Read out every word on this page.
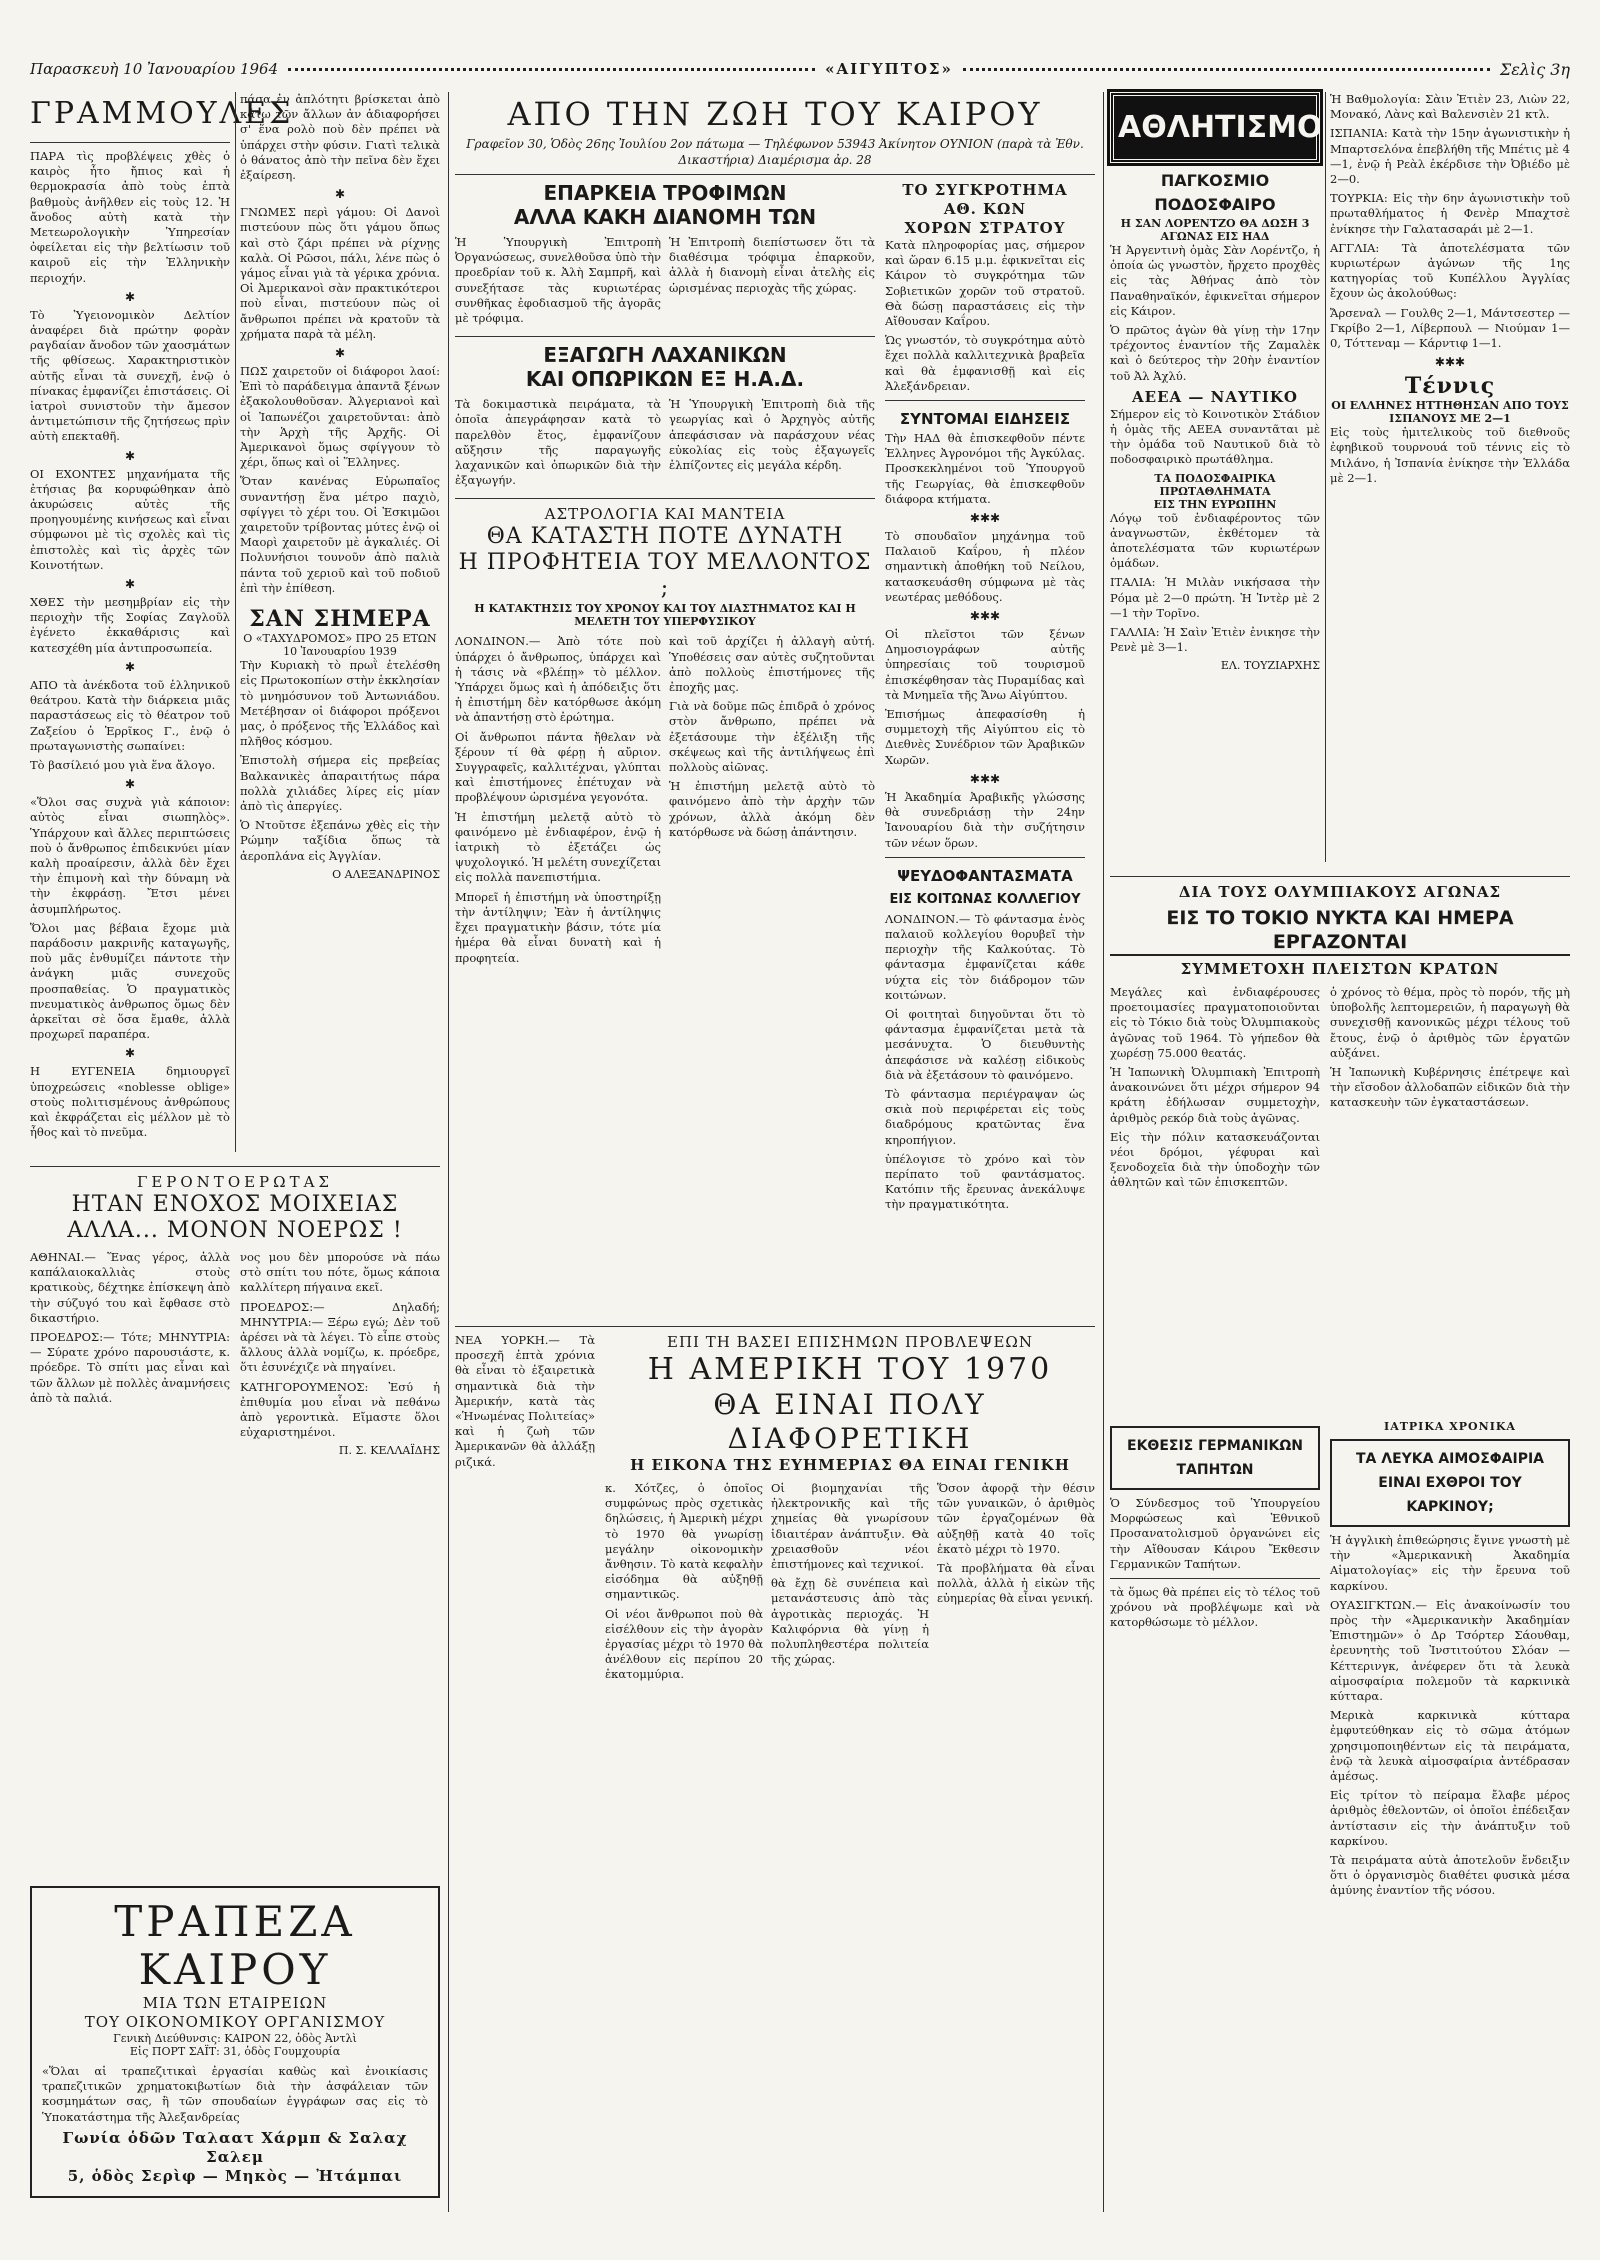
Παρασκευὴ 10 Ἰανουαρίου 1964	«ΑΙΓΥΠΤΟΣ»	Σελὶς 3η
ΓΡΑΜΜΟΥΛΕΣ

ΠΑΡΑ τὶς προβλέψεις χθὲς ὁ καιρὸς ἦτο ἤπιος καὶ ἡ θερμοκρασία ἀπὸ τοὺς ἑπτὰ βαθμοὺς ἀνῆλθεν εἰς τοὺς 12. Ἡ ἄνοδος αὐτὴ κατὰ τὴν Μετεωρολογικὴν Ὑπηρεσίαν ὀφείλεται εἰς τὴν βελτίωσιν τοῦ καιροῦ εἰς τὴν Ἑλληνικὴν περιοχήν.

✱

Τὸ Ὑγειονομικὸν Δελτίον ἀναφέρει διὰ πρώτην φορὰν ραγδαίαν ἄνοδον τῶν χαοσμάτων τῆς φθίσεως. Χαρακτηριστικὸν αὐτῆς εἶναι τὰ συνεχῆ, ἐνῷ ὁ πίνακας ἐμφανίζει ἐπιστάσεις. Οἱ ἰατροὶ συνιστοῦν τὴν ἄμεσον ἀντιμετώπισιν τῆς ζητήσεως πρὶν αὐτὴ επεκταθῆ.

✱

ΟΙ ΕΧΟΝΤΕΣ μηχανήματα τῆς ἐτήσιας βα κορυφώθηκαν ἀπὸ ἀκυρώσεις αὐτὲς τῆς προηγουμένης κινήσεως καὶ εἶναι σύμφωνοι μὲ τὶς σχολὲς καὶ τὶς ἐπιστολὲς καὶ τὶς ἀρχὲς τῶν Κοινοτήτων.

✱

ΧΘΕΣ τὴν μεσημβρίαν εἰς τὴν περιοχὴν τῆς Σοφίας Ζαγλοῦλ ἐγένετο ἐκκαθάρισις καὶ κατεσχέθη μία ἀντιπροσωπεία.

✱

ΑΠΟ τὰ ἀνέκδοτα τοῦ ἑλληνικοῦ θεάτρου. Κατὰ τὴν διάρκεια μιᾶς παραστάσεως εἰς τὸ θέατρον τοῦ Ζαξείου ὁ Ἑρρῖκος Γ., ἑνῷ ὁ πρωταγωνιστὴς σωπαίνει:

Τὸ βασίλειό μου γιὰ ἕνα ἄλογο.

✱

«Ὅλοι σας συχνὰ γιὰ κάποιον: αὐτὸς εἶναι σιωπηλὸς». Ὑπάρχουν καὶ ἄλλες περιπτώσεις ποὺ ὁ ἄνθρωπος ἐπιδεικνύει μίαν καλὴ προαίρεσιν, ἀλλὰ δὲν ἔχει τὴν ἐπιμονὴ καὶ τὴν δύναμη νὰ τὴν ἐκφράσῃ. Ἔτσι μένει ἀσυμπλήρωτος.

Ὅλοι μας βέβαια ἔχομε μιὰ παράδοσιν μακρινῆς καταγωγῆς, ποὺ μᾶς ἐνθυμίζει πάντοτε τὴν ἀνάγκη μιᾶς συνεχοῦς προσπαθείας. Ὁ πραγματικὸς πνευματικὸς ἀνθρωπος ὅμως δὲν ἀρκεῖται σὲ ὅσα ἔμαθε, ἀλλὰ προχωρεῖ παραπέρα.

✱

Η ΕΥΓΕΝΕΙΑ δημιουργεῖ ὑποχρεώσεις «noblesse oblige» στοὺς πολιτισμένους ἀνθρώπους καὶ ἐκφράζεται εἰς μέλλον μὲ τὸ ἦθος καὶ τὸ πνεῦμα.

πάσα ἐν ἀπλότητι βρίσκεται ἀπὸ κάτω τῶν ἄλλων ἀν ἀδιαφορήσει σ' ἕνα ρολὸ ποὺ δὲν πρέπει νὰ ὑπάρχει στὴν φύσιν. Γιατὶ τελικὰ ὁ θάνατος ἀπὸ τὴν πεῖνα δὲν ἔχει ἐξαίρεση.

✱

ΓΝΩΜΕΣ περὶ γάμου: Οἱ Δανοὶ πιστεύουν πὼς ὅτι γάμου ὅπως καὶ στὸ ζάρι πρέπει νὰ ρίχνῃς καλὰ. Οἱ Ρῶσοι, πάλι, λένε πὼς ὁ γάμος εἶναι γιὰ τὰ γέρικα χρόνια. Οἱ Ἀμερικανοὶ σὰν πρακτικότεροι ποὺ εἶναι, πιστεύουν πὼς οἱ ἄνθρωποι πρέπει νὰ κρατοῦν τὰ χρήματα παρὰ τὰ μέλη.

✱

ΠΩΣ χαιρετοῦν οἱ διάφοροι λαοί: Ἐπὶ τὸ παράδειγμα ἀπαντᾶ ξένων ἐξακολουθοῦσαν. Ἀλγεριανοὶ καὶ οἱ Ἰαπωνέζοι χαιρετοῦνται: ἀπὸ τὴν Ἁρχὴ τῆς Ἀρχῆς. Οἱ Ἀμερικανοὶ ὅμως σφίγγουν τὸ χέρι, ὅπως καὶ οἱ Ἕλληνες.

Ὅταν κανένας Εὐρωπαῖος συναντήσῃ ἕνα μέτρο παχιὸ, σφίγγει τὸ χέρι του. Οἱ Ἐσκιμῶοι χαιρετοῦν τρίβοντας μύτες ἐνῷ οἱ Μαορὶ χαιρετοῦν μὲ ἀγκαλιές. Οἱ Πολυνήσιοι τουνοῦν ἀπὸ παλιὰ πάντα τοῦ χεριοῦ καὶ τοῦ ποδιοῦ ἐπὶ τὴν ἐπίθεση.

ΣΑΝ ΣΗΜΕΡΑ
Ο «ΤΑΧΥΔΡΟΜΟΣ» ΠΡΟ 25 ΕΤΩΝ
10 Ἰανουαρίου 1939

Τὴν Κυριακὴ τὸ πρωῒ ἐτελέσθη εἰς Πρωτοκοπίων στὴν ἑκκλησίαν τὸ μνημόσυνον τοῦ Ἀντωνιάδου. Μετέβησαν οἱ διάφοροι πρόξενοι μας, ὁ πρόξενος τῆς Ἑλλάδος καὶ πλῆθος κόσμου.

Ἐπιστολὴ σήμερα εἰς πρεβείας Βαλκανικὲς ἀπαραιτήτως πάρα πολλὰ χιλιάδες λίρες εἰς μίαν ἀπὸ τὶς ἀπεργίες.

Ὁ Ντοῦτσε ἐξεπάνω χθὲς εἰς τὴν Ρώμην ταξίδια ὅπως τὰ ἀεροπλάνα εἰς Ἀγγλίαν.

Ο ΑΛΕΞΑΝΔΡΙΝΟΣ
ΓΕΡΟΝΤΟΕΡΩΤΑΣ
ΗΤΑΝ ΕΝΟΧΟΣ ΜΟΙΧΕΙΑΣ
ΑΛΛΑ... ΜΟΝΟΝ ΝΟΕΡΩΣ !

ΑΘΗΝΑΙ.— Ἕνας γέρος, ἀλλὰ καπάλαιοκαλλιὰς στοὺς κρατικοὺς, δέχτηκε ἐπίσκεψη ἀπὸ τὴν σύζυγό του καὶ ἔφθασε στὸ δικαστήριο.

ΠΡΟΕΔΡΟΣ:— Τότε; ΜΗΝΥΤΡΙΑ:— Σύρατε χρόνο παρουσιάστε, κ. πρόεδρε. Τὸ σπίτι μας εἶναι καὶ τῶν ἄλλων μὲ πολλὲς ἀναμνήσεις ἀπὸ τὰ παλιά.

νος μου δὲν μπορούσε νὰ πάω στὸ σπίτι του πότε, ὅμως κάποια καλλίτερη πήγαινα εκεῖ.

ΠΡΟΕΔΡΟΣ:— Δηλαδή; ΜΗΝΥΤΡΙΑ:— Ξέρω εγώ; Δὲν τοῦ ἀρέσει νὰ τὰ λέγει. Τὸ εἶπε στοὺς ἄλλους ἀλλὰ νομίζω, κ. πρόεδρε, ὅτι ἐσυνέχιζε νὰ πηγαίνει.

ΚΑΤΗΓΟΡΟΥΜΕΝΟΣ: Ἐσύ ἡ ἐπιθυμία μου εἶναι νὰ πεθάνω ἀπὸ γεροντικὰ. Εἴμαστε ὅλοι εὐχαριστημένοι.

Π. Σ. ΚΕΛΛΑΪΔΗΣ
ΤΡΑΠΕΖΑ ΚΑΙΡΟΥ
ΜΙΑ ΤΩΝ ΕΤΑΙΡΕΙΩΝ
ΤΟΥ ΟΙΚΟΝΟΜΙΚΟΥ ΟΡΓΑΝΙΣΜΟΥ
Γενικὴ Διεύθυνσις: ΚΑΙΡΟΝ 22, ὁδὸς Ἀντλὶ
Εἰς ΠΟΡΤ ΣΑΪΤ: 31, ὁδὸς Γουμχουρία

«Ὅλαι αἱ τραπεζιτικαὶ ἐργασίαι καθὼς καὶ ἐνοικίασις τραπεζιτικῶν χρηματοκιβωτίων διὰ τὴν ἀσφάλειαν τῶν κοσμημάτων σας, ἢ τῶν σπουδαίων ἐγγράφων σας εἰς τὸ Ὑποκατάστημα τῆς Ἀλεξανδρείας

Γωνία ὁδῶν Ταλαατ Χάρμπ & Σαλαχ Σαλεμ
5, ὁδὸς Σερὶφ — Μηκὸς — Ἠτάμπαι
ΑΠΟ ΤΗΝ ΖΩΗ ΤΟΥ ΚΑΙΡΟΥ
Γραφεῖον 30, Ὁδὸς 26ης Ἰουλίου 2ον πάτωμα — Τηλέφωνον 53943 Ἀκίνητον ΟΥΝΙΟΝ (παρὰ τὰ Ἐθν. Δικαστήρια) Διαμέρισμα ἀρ. 28
ΕΠΑΡΚΕΙΑ ΤΡΟΦΙΜΩΝ
ΑΛΛΑ ΚΑΚΗ ΔΙΑΝΟΜΗ ΤΩΝ

Ἡ Ὑπουργικὴ Ἐπιτροπὴ Ὀργανώσεως, συνελθοῦσα ὑπὸ τὴν προεδρίαν τοῦ κ. Ἀλὴ Σαμπρῆ, καὶ συνεξήτασε τὰς κυριωτέρας συνθῆκας ἐφοδιασμοῦ τῆς ἀγορᾶς μὲ τρόφιμα.

Ἡ Ἐπιτροπὴ διεπίστωσεν ὅτι τὰ διαθέσιμα τρόφιμα ἐπαρκοῦν, ἀλλὰ ἡ διανομὴ εἶναι ἀτελὴς εἰς ὡρισμένας περιοχὰς τῆς χώρας.

ΕΞΑΓΩΓΗ ΛΑΧΑΝΙΚΩΝ
ΚΑΙ ΟΠΩΡΙΚΩΝ ΕΞ Η.Α.Δ.

Τὰ δοκιμαστικὰ πειράματα, τὰ ὁποῖα ἀπεγράφησαν κατὰ τὸ παρελθὸν ἔτος, ἐμφανίζουν αὔξησιν τῆς παραγωγῆς λαχανικῶν καὶ ὀπωρικῶν διὰ τὴν ἐξαγωγήν.

Ἡ Ὑπουργικὴ Ἐπιτροπὴ διὰ τῆς γεωργίας καὶ ὁ Ἀρχηγὸς αὐτῆς ἀπεφάσισαν νὰ παράσχουν νέας εὐκολίας εἰς τοὺς ἐξαγωγεῖς ἐλπίζοντες εἰς μεγάλα κέρδη.

ΑΣΤΡΟΛΟΓΙΑ ΚΑΙ ΜΑΝΤΕΙΑ
ΘΑ ΚΑΤΑΣΤΗ ΠΟΤΕ ΔΥΝΑΤΗ
Η ΠΡΟΦΗΤΕΙΑ ΤΟΥ ΜΕΛΛΟΝΤΟΣ ;
Η ΚΑΤΑΚΤΗΣΙΣ ΤΟΥ ΧΡΟΝΟΥ ΚΑΙ ΤΟΥ ΔΙΑΣΤΗΜΑΤΟΣ ΚΑΙ Η ΜΕΛΕΤΗ ΤΟΥ ΥΠΕΡΦΥΣΙΚΟΥ

ΛΟΝΔΙΝΟΝ.— Ἀπὸ τότε ποὺ ὑπάρχει ὁ ἄνθρωπος, ὑπάρχει καὶ ἡ τάσις νὰ «βλέπῃ» τὸ μέλλον. Ὑπάρχει ὅμως καὶ ἡ ἀπόδειξις ὅτι ἡ ἐπιστήμη δὲν κατόρθωσε ἀκόμη νὰ ἀπαντήσῃ στὸ ἐρώτημα.

Οἱ ἄνθρωποι πάντα ἤθελαν νὰ ξέρουν τί θὰ φέρῃ ἡ αὔριον. Συγγραφεῖς, καλλιτέχναι, γλύπται καὶ ἐπιστήμονες ἐπέτυχαν νὰ προβλέψουν ὡρισμένα γεγονότα.

Ἡ ἐπιστήμη μελετᾷ αὐτὸ τὸ φαινόμενο μὲ ἐνδιαφέρον, ἐνῷ ἡ ἰατρικὴ τὸ ἐξετάζει ὡς ψυχολογικό. Ἡ μελέτη συνεχίζεται εἰς πολλὰ πανεπιστήμια.

Μπορεῖ ἡ ἐπιστήμη νὰ ὑποστηρίξῃ τὴν ἀντίληψιν; Ἐὰν ἡ ἀντίληψις ἔχει πραγματικὴν βάσιν, τότε μία ἡμέρα θὰ εἶναι δυνατὴ καὶ ἡ προφητεία.

καὶ τοῦ ἀρχίζει ἡ ἀλλαγὴ αὐτή. Ὑποθέσεις σαν αὐτὲς συζητοῦνται ἀπὸ πολλοὺς ἐπιστήμονες τῆς ἐποχῆς μας.

Γιὰ νὰ δοῦμε πῶς ἐπιδρᾶ ὁ χρόνος στὸν ἄνθρωπο, πρέπει νὰ ἐξετάσουμε τὴν ἐξέλιξη τῆς σκέψεως καὶ τῆς ἀντιλήψεως ἐπὶ πολλοὺς αἰῶνας.

Ἡ ἐπιστήμη μελετᾷ αὐτὸ τὸ φαινόμενο ἀπὸ τὴν ἀρχὴν τῶν χρόνων, ἀλλὰ ἀκόμη δὲν κατόρθωσε νὰ δώσῃ ἀπάντησιν.

ΤΟ ΣΥΓΚΡΟΤΗΜΑ ΑΘ. ΚΩΝ
ΧΟΡΩΝ ΣΤΡΑΤΟΥ

Κατὰ πληροφορίας μας, σήμερον καὶ ὥραν 6.15 μ.μ. ἐφικνεῖται εἰς Κάιρον τὸ συγκρότημα τῶν Σοβιετικῶν χορῶν τοῦ στρατοῦ. Θὰ δώσῃ παραστάσεις εἰς τὴν Αἴθουσαν Καΐρου.

Ὡς γνωστόν, τὸ συγκρότημα αὐτὸ ἔχει πολλὰ καλλιτεχνικὰ βραβεῖα καὶ θὰ ἐμφανισθῇ καὶ εἰς Ἀλεξάνδρειαν.

ΣΥΝΤΟΜΑΙ ΕΙΔΗΣΕΙΣ

Τὴν ΗΑΔ θὰ ἐπισκεφθοῦν πέντε Ἑλληνες Ἀγρονόμοι τῆς Ἀγκύλας. Προσκεκλημένοι τοῦ Ὑπουργοῦ τῆς Γεωργίας, θὰ ἐπισκεφθοῦν διάφορα κτήματα.

✱✱✱

Τὸ σπουδαῖον μηχάνημα τοῦ Παλαιοῦ Καΐρου, ἡ πλέον σημαντικὴ ἀποθήκη τοῦ Νείλου, κατασκευάσθη σύμφωνα μὲ τὰς νεωτέρας μεθόδους.

✱✱✱

Οἱ πλεῖστοι τῶν ξένων Δημοσιογράφων αὐτῆς ὑπηρεσίαις τοῦ τουρισμοῦ ἐπισκέφθησαν τὰς Πυραμίδας καὶ τὰ Μνημεῖα τῆς Ἄνω Αἰγύπτου.

Ἐπισήμως ἀπεφασίσθη ἡ συμμετοχὴ τῆς Αἰγύπτου εἰς τὸ Διεθνὲς Συνέδριον τῶν Ἀραβικῶν Χωρῶν.

✱✱✱

Ἡ Ἀκαδημία Ἀραβικῆς γλώσσης θὰ συνεδριάσῃ τὴν 24ην Ἰανουαρίου διὰ τὴν συζήτησιν τῶν νέων ὅρων.

ΨΕΥΔΟΦΑΝΤΑΣΜΑΤΑ
ΕΙΣ ΚΟΙΤΩΝΑΣ ΚΟΛΛΕΓΙΟΥ

ΛΟΝΔΙΝΟΝ.— Τὸ φάντασμα ἑνὸς παλαιοῦ κολλεγίου θορυβεῖ τὴν περιοχὴν τῆς Καλκούτας. Τὸ φάντασμα ἐμφανίζεται κάθε νύχτα εἰς τὸν διάδρομον τῶν κοιτώνων.

Οἱ φοιτηταὶ διηγοῦνται ὅτι τὸ φάντασμα ἐμφανίζεται μετὰ τὰ μεσάνυχτα. Ὁ διευθυντὴς ἀπεφάσισε νὰ καλέσῃ εἰδικοὺς διὰ νὰ ἐξετάσουν τὸ φαινόμενο.

Τὸ φάντασμα περιέγραψαν ὡς σκιὰ ποὺ περιφέρεται εἰς τοὺς διαδρόμους κρατῶντας ἕνα κηροπήγιον.

ὑπέλογισε τὸ χρόνο καὶ τὸν περίπατο τοῦ φαντάσματος. Κατόπιν τῆς ἔρευνας ἀνεκάλυψε τὴν πραγματικότητα.

ΝΕΑ ΥΟΡΚΗ.— Τὰ προσεχῆ ἑπτὰ χρόνια θὰ εἶναι τὸ ἐξαιρετικὰ σημαντικὰ διὰ τὴν Ἀμερικήν, κατὰ τὰς «Ἡνωμένας Πολιτείας» καὶ ἡ ζωὴ τῶν Ἀμερικανῶν θὰ ἀλλάξῃ ριζικά.

ΕΠΙ ΤΗ ΒΑΣΕΙ ΕΠΙΣΗΜΩΝ ΠΡΟΒΛΕΨΕΩΝ
Η ΑΜΕΡΙΚΗ ΤΟΥ 1970
ΘΑ ΕΙΝΑΙ ΠΟΛΥ ΔΙΑΦΟΡΕΤΙΚΗ
Η ΕΙΚΟΝΑ ΤΗΣ ΕΥΗΜΕΡΙΑΣ ΘΑ ΕΙΝΑΙ ΓΕΝΙΚΗ

κ. Χότζες, ὁ ὁποῖος συμφώνως πρὸς σχετικὰς δηλώσεις, ἡ Ἀμερικὴ μέχρι τὸ 1970 θὰ γνωρίσῃ μεγάλην οἰκονομικὴν ἄνθησιν. Τὸ κατὰ κεφαλὴν εἰσόδημα θὰ αὐξηθῇ σημαντικῶς.

Οἱ νέοι ἄνθρωποι ποὺ θὰ εἰσέλθουν εἰς τὴν ἀγορὰν ἐργασίας μέχρι τὸ 1970 θὰ ἀνέλθουν εἰς περίπου 20 ἑκατομμύρια.

Οἱ βιομηχανίαι τῆς ἠλεκτρονικῆς καὶ τῆς χημείας θὰ γνωρίσουν ἰδιαιτέραν ἀνάπτυξιν. Θὰ χρειασθοῦν νέοι ἐπιστήμονες καὶ τεχνικοί.

θὰ ἔχῃ δὲ συνέπεια καὶ μετανάστευσις ἀπὸ τὰς ἀγροτικὰς περιοχάς. Ἡ Καλιφόρνια θὰ γίνῃ ἡ πολυπληθεστέρα πολιτεία τῆς χώρας.

Ὅσον ἀφορᾷ τὴν θέσιν τῶν γυναικῶν, ὁ ἀριθμὸς τῶν ἐργαζομένων θὰ αὐξηθῇ κατὰ 40 τοῖς ἑκατὸ μέχρι τὸ 1970.

Τὰ προβλήματα θὰ εἶναι πολλὰ, ἀλλὰ ἡ εἰκὼν τῆς εὐημερίας θὰ εἶναι γενική.

ΑΘΛΗΤΙΣΜΟΣ
ΠΑΓΚΟΣΜΙΟ ΠΟΔΟΣΦΑΙΡΟ
Η ΣΑΝ ΛΟΡΕΝΤΖΟ ΘΑ ΔΩΣΗ 3 ΑΓΩΝΑΣ ΕΙΣ ΗΑΔ

Ἡ Ἀργεντινὴ ὁμὰς Σὰν Λορέντζο, ἡ ὁποία ὡς γνωστὸν, ἤρχετο προχθὲς εἰς τὰς Ἀθήνας ἀπὸ τὸν Παναθηναϊκόν, ἐφικνεῖται σήμερον εἰς Κάιρον.

Ὁ πρῶτος ἀγὼν θὰ γίνῃ τὴν 17ην τρέχοντος ἐναντίον τῆς Ζαμαλὲκ καὶ ὁ δεύτερος τὴν 20ὴν ἐναντίον τοῦ Ἀλ Ἀχλύ.

ΑΕΕΑ — ΝΑΥΤΙΚΟ

Σήμερον εἰς τὸ Κοινοτικὸν Στάδιον ἡ ὁμὰς τῆς ΑΕΕΑ συναντᾶται μὲ τὴν ὁμάδα τοῦ Ναυτικοῦ διὰ τὸ ποδοσφαιρικὸ πρωτάθλημα.

ΤΑ ΠΟΔΟΣΦΑΙΡΙΚΑ ΠΡΩΤΑΘΛΗΜΑΤΑ
ΕΙΣ ΤΗΝ ΕΥΡΩΠΗΝ

Λόγῳ τοῦ ἐνδιαφέροντος τῶν ἀναγνωστῶν, ἐκθέτομεν τὰ ἀποτελέσματα τῶν κυριωτέρων ὁμάδων.

ΙΤΑΛΙΑ: Ἡ Μιλὰν νικήσασα τὴν Ρόμα μὲ 2—0 πρώτη. Ἡ Ἰντὲρ μὲ 2—1 τὴν Τορῖνο.

ΓΑΛΛΙΑ: Ἡ Σαὶν Ἐτιὲν ἐνικησε τὴν Ρενὲ μὲ 3—1.

ΕΛ. ΤΟΥΖΙΑΡΧΗΣ
ΔΙΑ ΤΟΥΣ ΟΛΥΜΠΙΑΚΟΥΣ ΑΓΩΝΑΣ
ΕΙΣ ΤΟ ΤΟΚΙΟ ΝΥΚΤΑ ΚΑΙ ΗΜΕΡΑ ΕΡΓΑΖΟΝΤΑΙ
ΣΥΜΜΕΤΟΧΗ ΠΛΕΙΣΤΩΝ ΚΡΑΤΩΝ

Μεγάλες καὶ ἐνδιαφέρουσες προετοιμασίες πραγματοποιοῦνται εἰς τὸ Τόκιο διὰ τοὺς Ὀλυμπιακοὺς ἀγῶνας τοῦ 1964. Τὸ γήπεδον θὰ χωρέσῃ 75.000 θεατάς.

Ἡ Ἰαπωνικὴ Ὀλυμπιακὴ Ἐπιτροπὴ ἀνακοινώνει ὅτι μέχρι σήμερον 94 κράτη ἐδήλωσαν συμμετοχὴν, ἀριθμὸς ρεκόρ διὰ τοὺς ἀγῶνας.

Εἰς τὴν πόλιν κατασκευάζονται νέοι δρόμοι, γέφυραι καὶ ξενοδοχεῖα διὰ τὴν ὑποδοχὴν τῶν ἀθλητῶν καὶ τῶν ἐπισκεπτῶν.

ὁ χρόνος τὸ θέμα, πρὸς τὸ πορόν, τῆς μὴ ὑποβολῆς λεπτομερειῶν, ἡ παραγωγὴ θὰ συνεχισθῇ κανονικῶς μέχρι τέλους τοῦ ἔτους, ἐνῷ ὁ ἀριθμὸς τῶν ἐργατῶν αὐξάνει.

Ἡ Ἰαπωνικὴ Κυβέρνησις ἐπέτρεψε καὶ τὴν εἴσοδον ἀλλοδαπῶν εἰδικῶν διὰ τὴν κατασκευὴν τῶν ἐγκαταστάσεων.

ΕΚΘΕΣΙΣ ΓΕΡΜΑΝΙΚΩΝ ΤΑΠΗΤΩΝ

Ὁ Σύνδεσμος τοῦ Ὑπουργείου Μορφώσεως καὶ Ἐθνικοῦ Προσανατολισμοῦ ὀργανώνει εἰς τὴν Αἴθουσαν Κάιρου Ἔκθεσιν Γερμανικῶν Ταπήτων.

τὰ ὅμως θὰ πρέπει εἰς τὸ τέλος τοῦ χρόνου νὰ προβλέψωμε καὶ νὰ κατορθώσωμε τὸ μέλλον.

Ἡ Βαθμολογία: Σὰιν Ἐτιὲν 23, Λιὼν 22, Μονακό, Λὰνς καὶ Βαλενσιὲν 21 κτλ.

ΙΣΠΑΝΙΑ: Κατὰ τὴν 15ην ἀγωνιστικὴν ἡ Μπαρτσελόνα ἐπεβλήθη τῆς Μπέτις μὲ 4—1, ἐνῷ ἡ Ρεὰλ ἐκέρδισε τὴν Ὀβιέδο μὲ 2—0.

ΤΟΥΡΚΙΑ: Εἰς τὴν 6ην ἀγωνιστικὴν τοῦ πρωταθλήματος ἡ Φενὲρ Μπαχτσὲ ἐνίκησε τὴν Γαλατασαράι μὲ 2—1.

ΑΓΓΛΙΑ: Τὰ ἀποτελέσματα τῶν κυριωτέρων ἀγώνων τῆς 1ης κατηγορίας τοῦ Κυπέλλου Ἀγγλίας ἔχουν ὡς ἀκολούθως:

Ἄρσεναλ — Γουλθς 2—1, Μάντσεστερ — Γκρίβο 2—1, Λίβερπουλ — Νιούμαν 1—0, Τόττεναμ — Κάρντιφ 1—1.

✱✱✱
Τέννις
ΟΙ ΕΛΛΗΝΕΣ ΗΤΤΗΘΗΣΑΝ ΑΠΟ ΤΟΥΣ ΙΣΠΑΝΟΥΣ ΜΕ 2—1

Εἰς τοὺς ἡμιτελικοὺς τοῦ διεθνοῦς ἐφηβικοῦ τουρνουά τοῦ τέννις εἰς τὸ Μιλάνο, ἡ Ἰσπανία ἐνίκησε τὴν Ἑλλάδα μὲ 2—1.

ΙΑΤΡΙΚΑ ΧΡΟΝΙΚΑ
ΤΑ ΛΕΥΚΑ ΑΙΜΟΣΦΑΙΡΙΑ ΕΙΝΑΙ ΕΧΘΡΟΙ ΤΟΥ ΚΑΡΚΙΝΟΥ;

Ἡ ἀγγλικὴ ἐπιθεώρησις ἔγινε γνωστὴ μὲ τὴν «Ἀμερικανικὴ Ἀκαδημία Αἰματολογίας» εἰς τὴν ἔρευνα τοῦ καρκίνου.

ΟΥΑΣΙΓΚΤΩΝ.— Εἰς ἀνακοίνωσίν του πρὸς τὴν «Ἀμερικανικὴν Ἀκαδημίαν Ἐπιστημῶν» ὁ Δρ Τσόρτερ Σάουθαμ, ἐρευνητὴς τοῦ Ἰνστιτούτου Σλόαν — Κέττερινγκ, ἀνέφερεν ὅτι τὰ λευκὰ αἱμοσφαίρια πολεμοῦν τὰ καρκινικὰ κύτταρα.

Μερικὰ καρκινικὰ κύτταρα ἐμφυτεύθηκαν εἰς τὸ σῶμα ἀτόμων χρησιμοποιηθέντων εἰς τὰ πειράματα, ἐνῷ τὰ λευκὰ αἱμοσφαίρια ἀντέδρασαν ἀμέσως.

Εἰς τρίτον τὸ πείραμα ἔλαβε μέρος ἀριθμὸς ἐθελοντῶν, οἱ ὁποῖοι ἐπέδειξαν ἀντίστασιν εἰς τὴν ἀνάπτυξιν τοῦ καρκίνου.

Τὰ πειράματα αὐτὰ ἀποτελοῦν ἔνδειξιν ὅτι ὁ ὀργανισμὸς διαθέτει φυσικὰ μέσα ἀμύνης ἐναντίον τῆς νόσου.
